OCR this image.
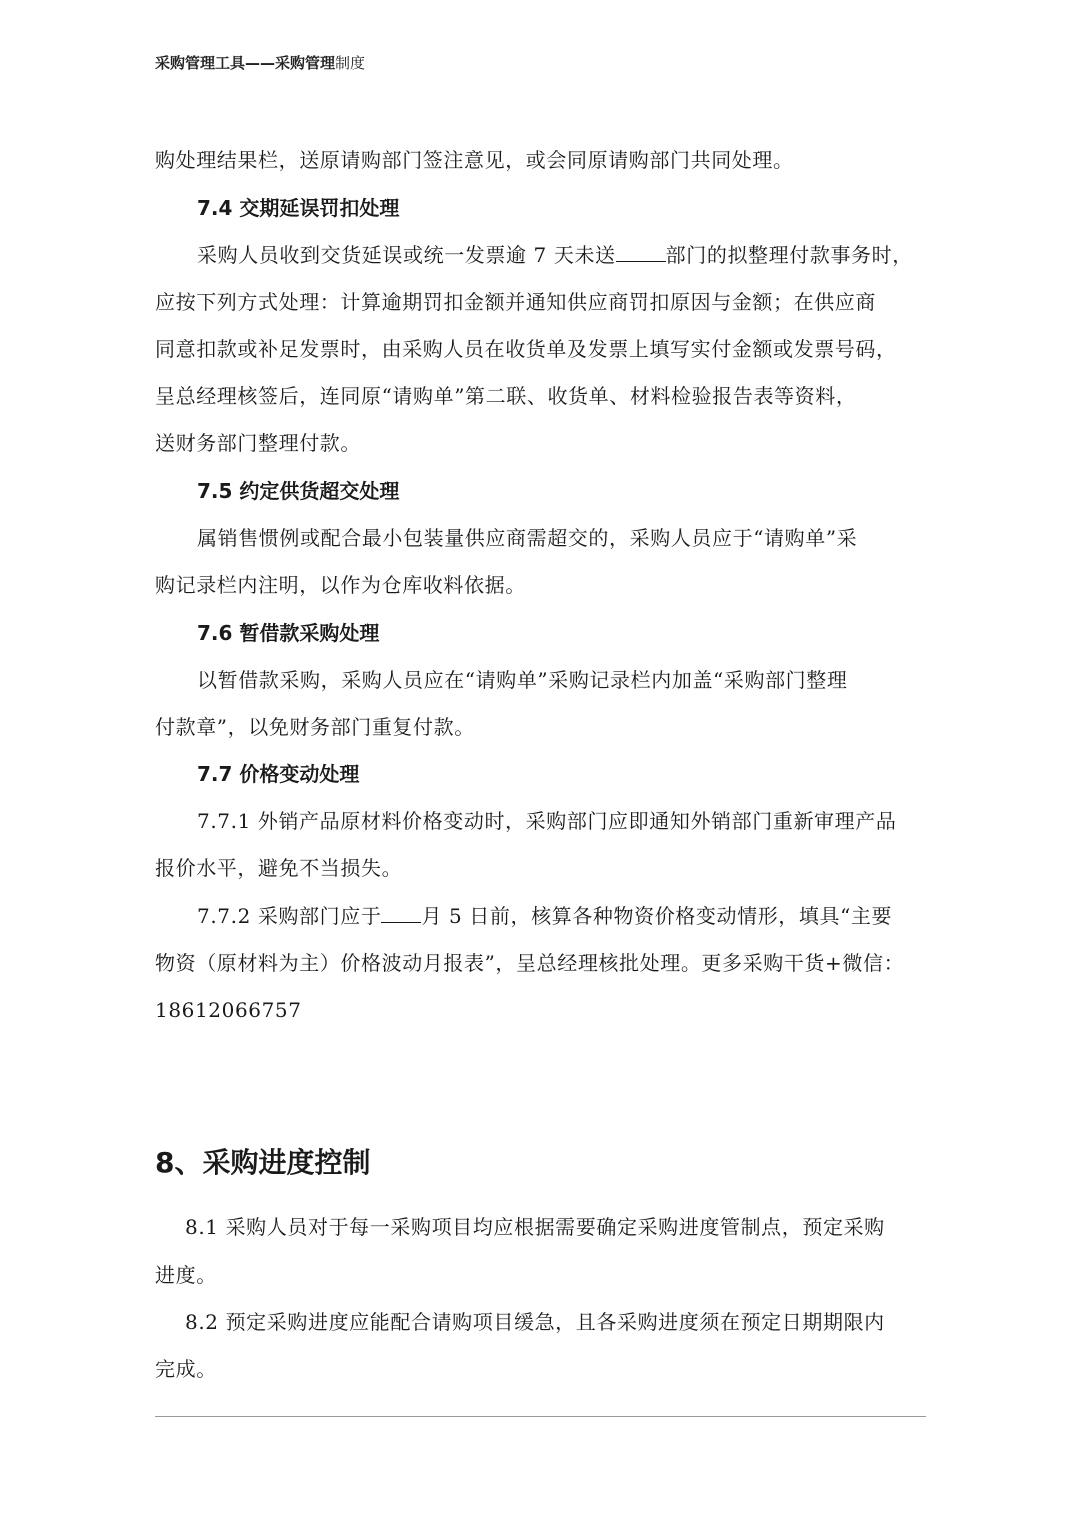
采购管理工具——采购管理制度
购处理结果栏，送原请购部门签注意见，或会同原请购部门共同处理。
7.4 交期延误罚扣处理
采购人员收到交货延误或统一发票逾 7 天未送	部门的拟整理付款事务时，
应按下列方式处理：计算逾期罚扣金额并通知供应商罚扣原因与金额；在供应商
同意扣款或补足发票时，由采购人员在收货单及发票上填写实付金额或发票号码，
呈总经理核签后，连同原“请购单”第二联、收货单、材料检验报告表等资料，
送财务部门整理付款。
7.5 约定供货超交处理
属销售惯例或配合最小包装量供应商需超交的，采购人员应于“请购单”采
购记录栏内注明，以作为仓库收料依据。
7.6 暂借款采购处理
以暂借款采购，采购人员应在“请购单”采购记录栏内加盖“采购部门整理
付款章”，以免财务部门重复付款。
7.7 价格变动处理
7.7.1 外销产品原材料价格变动时，采购部门应即通知外销部门重新审理产品
报价水平，避免不当损失。
7.7.2 采购部门应于 月 5 日前，核算各种物资价格变动情形，填具“主要
物资（原材料为主）价格波动月报表”，呈总经理核批处理。更多采购干货+微信：
18612066757
8、采购进度控制
8.1 采购人员对于每一采购项目均应根据需要确定采购进度管制点，预定采购
进度。
8.2 预定采购进度应能配合请购项目缓急，且各采购进度须在预定日期期限内
完成。
